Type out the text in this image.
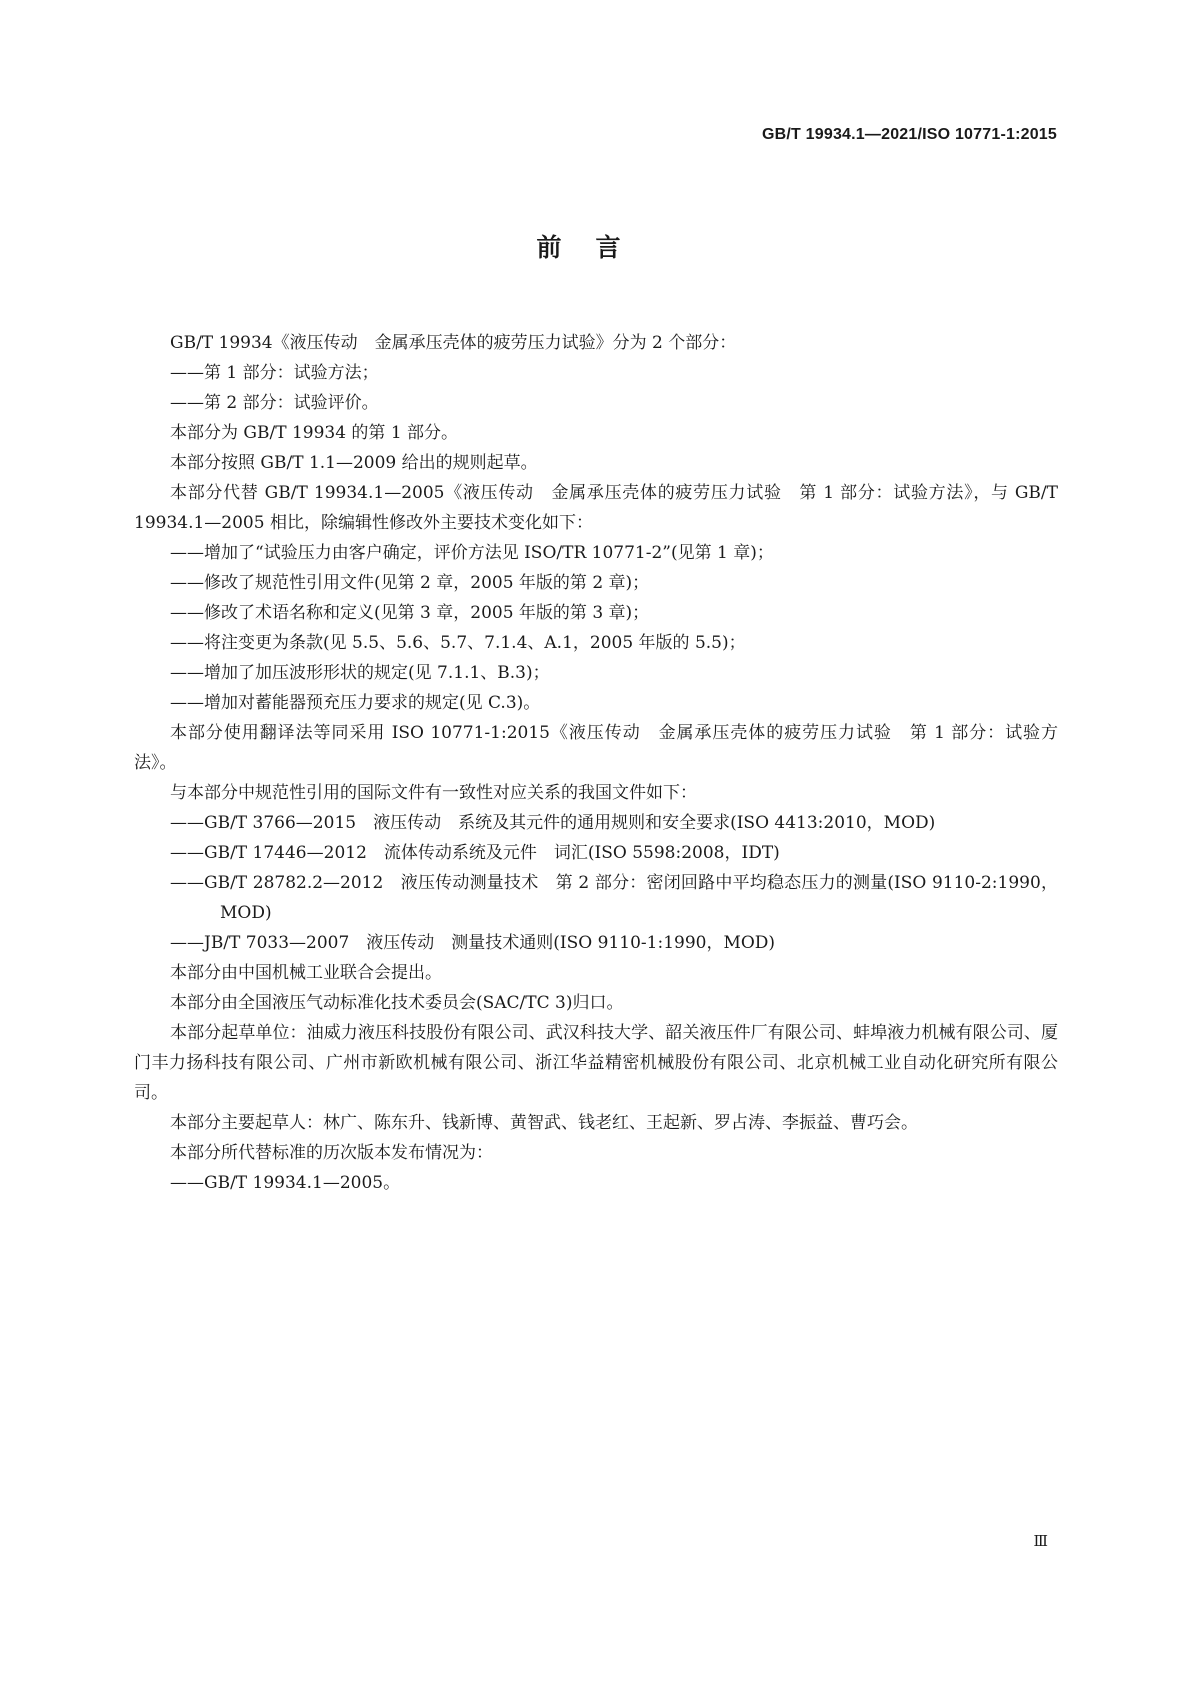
GB/T 19934.1—2021/ISO 10771-1:2015
前言

GB/T 19934《液压传动　金属承压壳体的疲劳压力试验》分为 2 个部分：

——第 1 部分：试验方法；

——第 2 部分：试验评价。

本部分为 GB/T 19934 的第 1 部分。

本部分按照 GB/T 1.1—2009 给出的规则起草。

本部分代替 GB/T 19934.1—2005《液压传动　金属承压壳体的疲劳压力试验　第 1 部分：试验方法》，与 GB/T 19934.1—2005 相比，除编辑性修改外主要技术变化如下：

——增加了“试验压力由客户确定，评价方法见 ISO/TR 10771-2”(见第 1 章)；

——修改了规范性引用文件(见第 2 章，2005 年版的第 2 章)；

——修改了术语名称和定义(见第 3 章，2005 年版的第 3 章)；

——将注变更为条款(见 5.5、5.6、5.7、7.1.4、A.1，2005 年版的 5.5)；

——增加了加压波形形状的规定(见 7.1.1、B.3)；

——增加对蓄能器预充压力要求的规定(见 C.3)。

本部分使用翻译法等同采用 ISO 10771-1:2015《液压传动　金属承压壳体的疲劳压力试验　第 1 部分：试验方法》。

与本部分中规范性引用的国际文件有一致性对应关系的我国文件如下：

——GB/T 3766—2015　液压传动　系统及其元件的通用规则和安全要求(ISO 4413:2010，MOD)

——GB/T 17446—2012　流体传动系统及元件　词汇(ISO 5598:2008，IDT)

——GB/T 28782.2—2012　液压传动测量技术　第 2 部分：密闭回路中平均稳态压力的测量(ISO 9110-2:1990，MOD)

——JB/T 7033—2007　液压传动　测量技术通则(ISO 9110-1:1990，MOD)

本部分由中国机械工业联合会提出。

本部分由全国液压气动标准化技术委员会(SAC/TC 3)归口。

本部分起草单位：油威力液压科技股份有限公司、武汉科技大学、韶关液压件厂有限公司、蚌埠液力机械有限公司、厦门丰力扬科技有限公司、广州市新欧机械有限公司、浙江华益精密机械股份有限公司、北京机械工业自动化研究所有限公司。

本部分主要起草人：林广、陈东升、钱新博、黄智武、钱老红、王起新、罗占涛、李振益、曹巧会。

本部分所代替标准的历次版本发布情况为：

——GB/T 19934.1—2005。

Ⅲ
